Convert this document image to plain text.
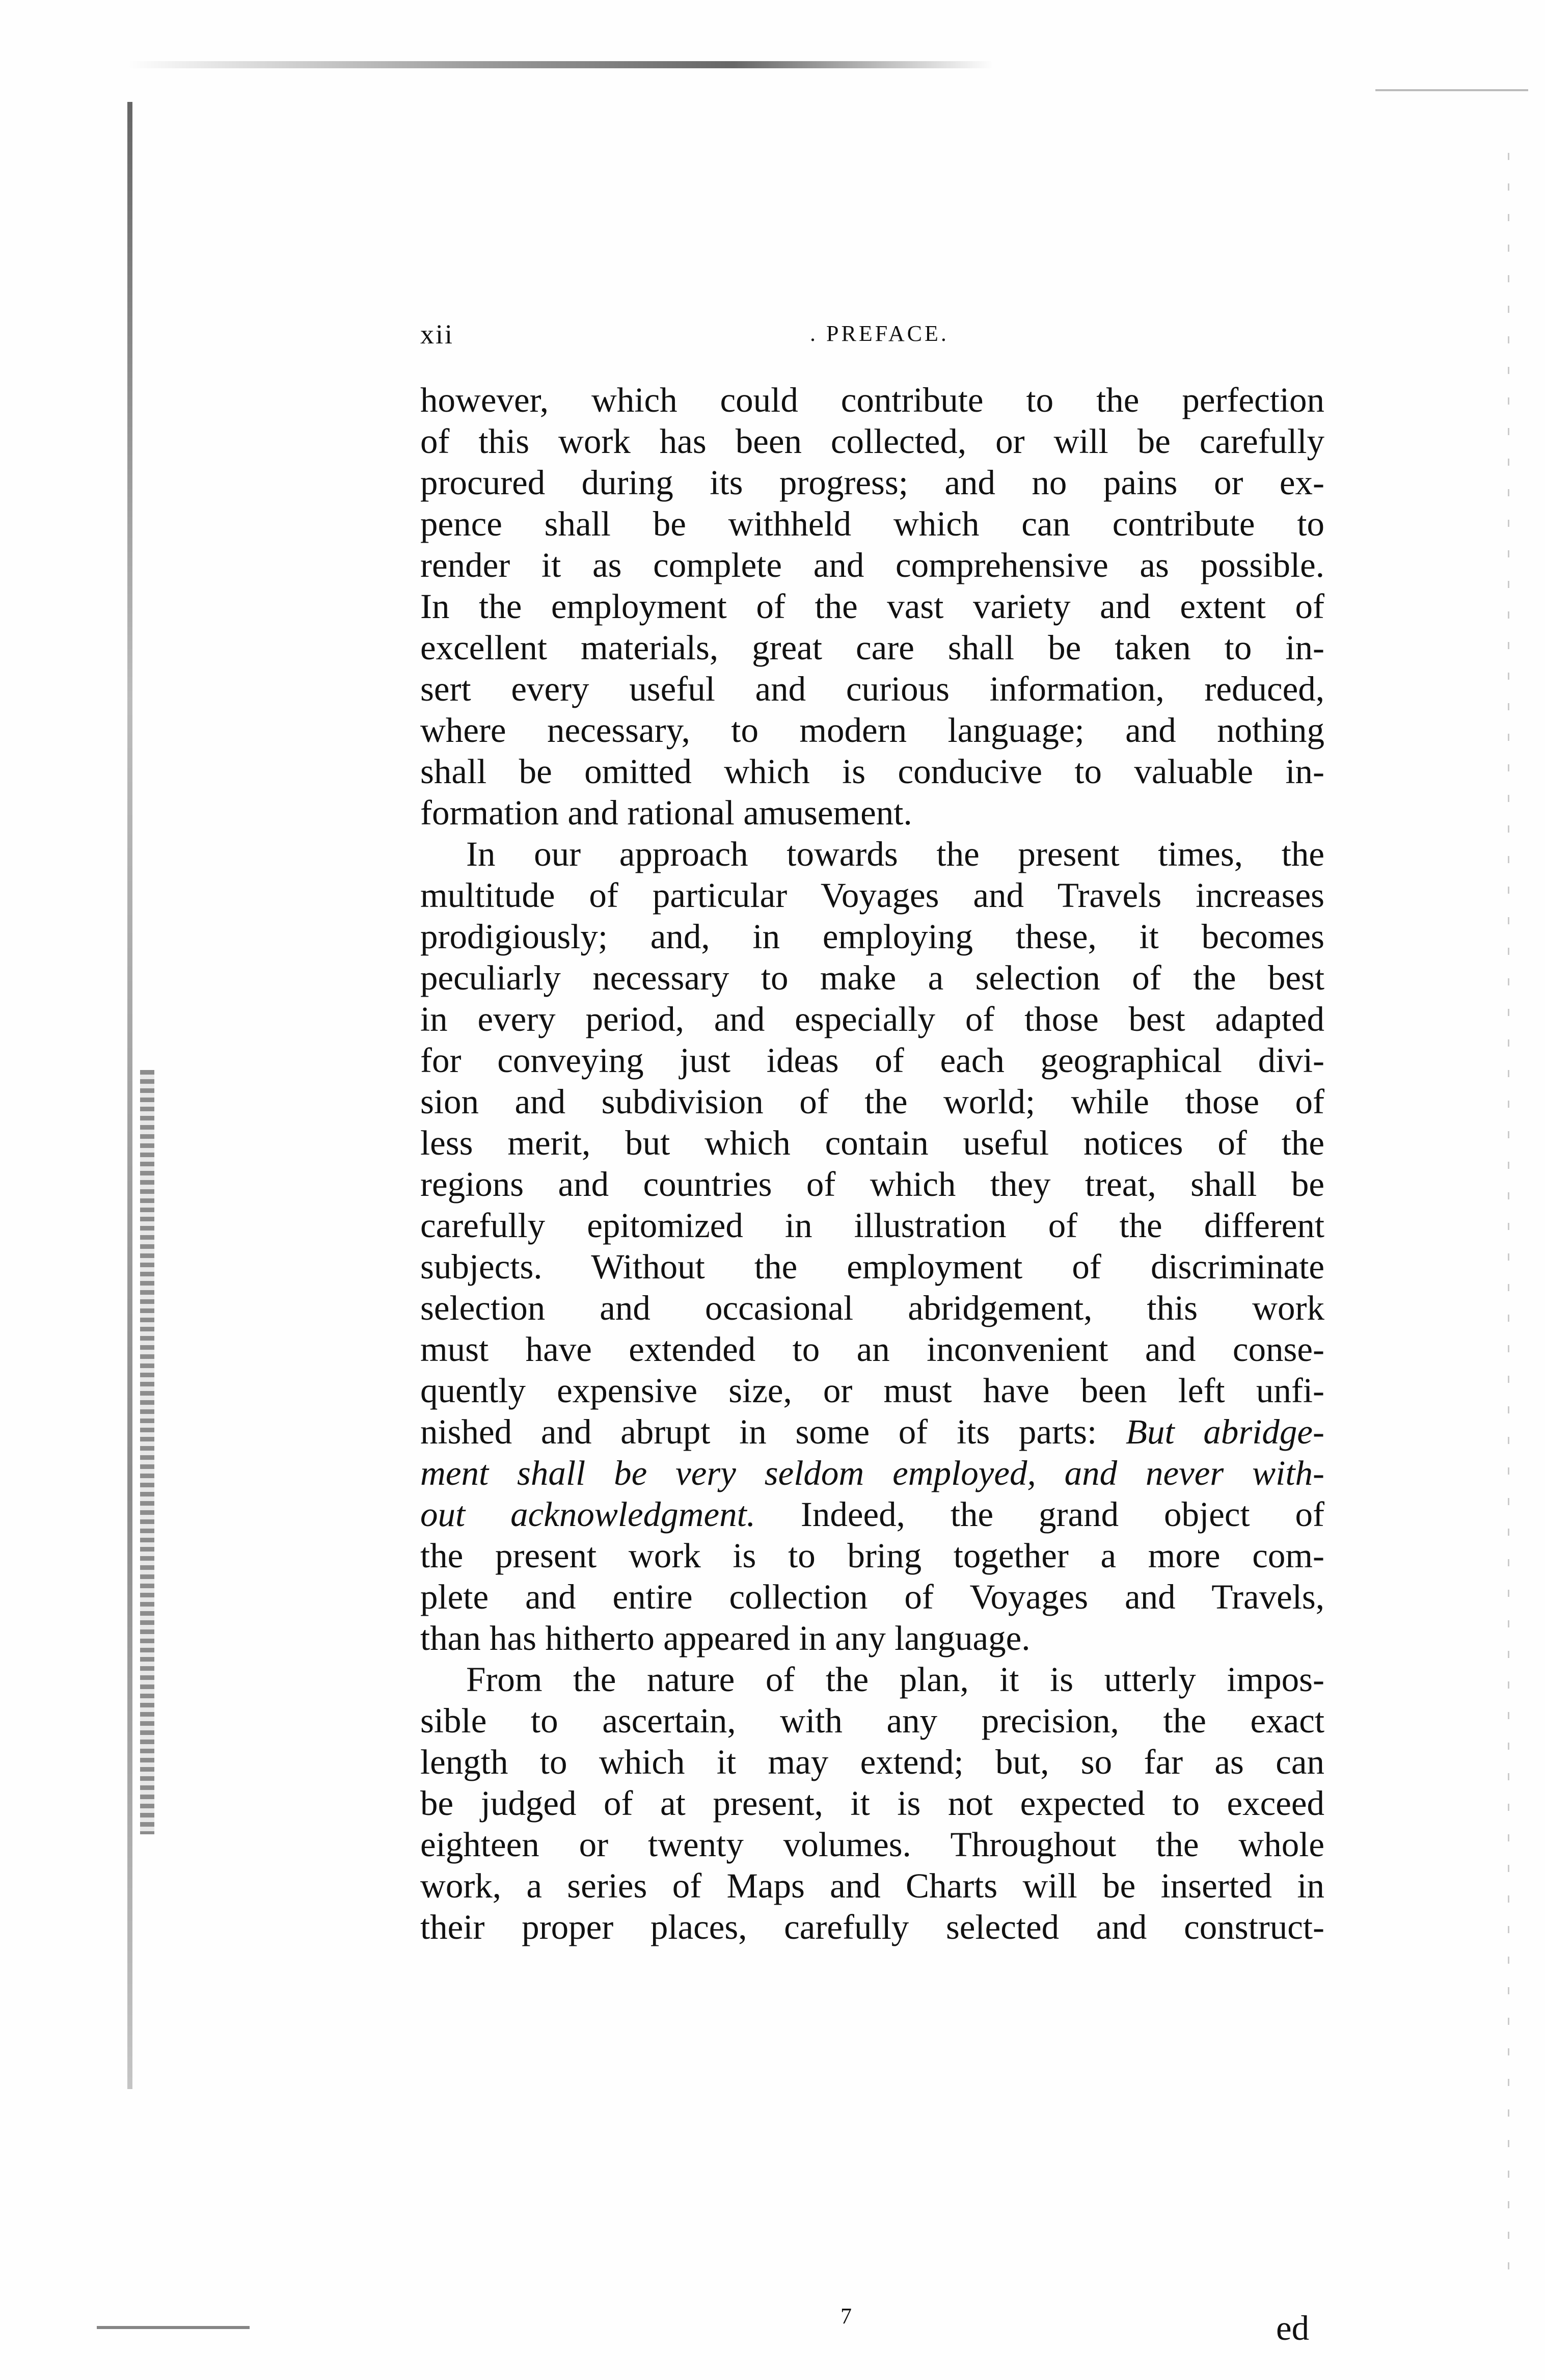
xii	. PREFACE.
however, which could contribute to the perfection
of this work has been collected, or will be carefully
procured during its progress; and no pains or ex-
pence shall be withheld which can contribute to
render it as complete and comprehensive as possible.
In the employment of the vast variety and extent of
excellent materials, great care shall be taken to in-
sert every useful and curious information, reduced,
where necessary, to modern language; and nothing
shall be omitted which is conducive to valuable in-
formation and rational amusement.
In our approach towards the present times, the
multitude of particular Voyages and Travels increases
prodigiously; and, in employing these, it becomes
peculiarly necessary to make a selection of the best
in every period, and especially of those best adapted
for conveying just ideas of each geographical divi-
sion and subdivision of the world; while those of
less merit, but which contain useful notices of the
regions and countries of which they treat, shall be
carefully epitomized in illustration of the different
subjects. Without the employment of discriminate
selection and occasional abridgement, this work
must have extended to an inconvenient and conse-
quently expensive size, or must have been left unfi-
nished and abrupt in some of its parts: But abridge-
ment shall be very seldom employed, and never with-
out acknowledgment. Indeed, the grand object of
the present work is to bring together a more com-
plete and entire collection of Voyages and Travels,
than has hitherto appeared in any language.
From the nature of the plan, it is utterly impos-
sible to ascertain, with any precision, the exact
length to which it may extend; but, so far as can
be judged of at present, it is not expected to exceed
eighteen or twenty volumes. Throughout the whole
work, a series of Maps and Charts will be inserted in
their proper places, carefully selected and construct-
7	ed
